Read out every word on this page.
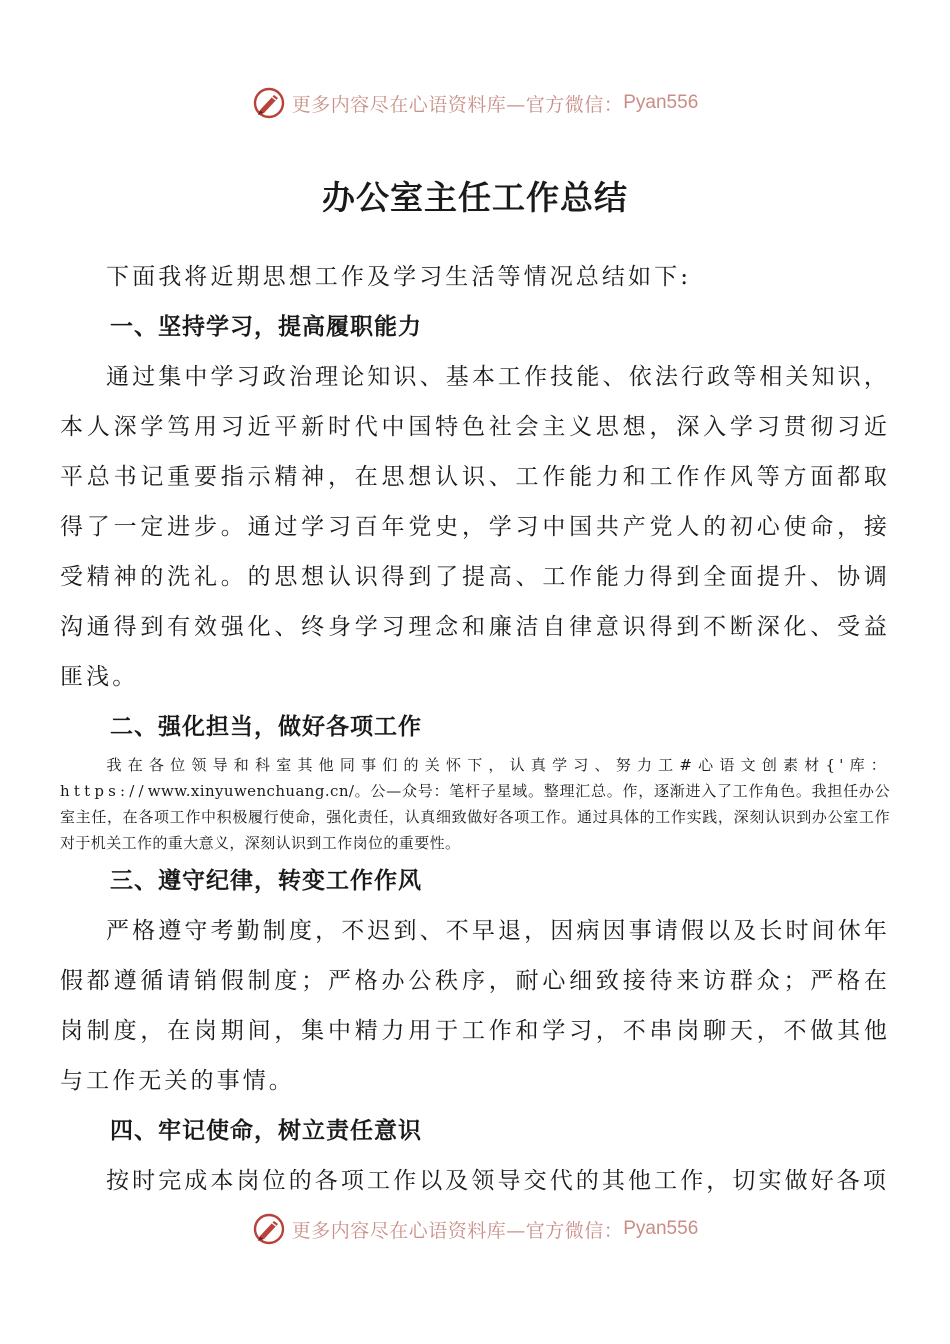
更多内容尽在心语资料库—官方微信： Pyan556
办公室主任工作总结

下面我将近期思想工作及学习生活等情况总结如下:

一、坚持学习，提高履职能力

通过集中学习政治理论知识、基本工作技能、依法行政等相关知识，本人深学笃用习近平新时代中国特色社会主义思想，深入学习贯彻习近平总书记重要指示精神，在思想认识、工作能力和工作作风等方面都取得了一定进步。通过学习百年党史，学习中国共产党人的初心使命，接受精神的洗礼。的思想认识得到了提高、工作能力得到全面提升、协调沟通得到有效强化、终身学习理念和廉洁自律意识得到不断深化、受益匪浅。

二、强化担当，做好各项工作

我在各位领导和科室其他同事们的关怀下，认真学习、努力工#心语文创素材{'库：https://www.xinyuwenchuang.cn/。公—众号：笔杆子星域。整理汇总。作，逐渐进入了工作角色。我担任办公室主任，在各项工作中积极履行使命，强化责任，认真细致做好各项工作。通过具体的工作实践，深刻认识到办公室工作对于机关工作的重大意义，深刻认识到工作岗位的重要性。

三、遵守纪律，转变工作作风

严格遵守考勤制度，不迟到、不早退，因病因事请假以及长时间休年假都遵循请销假制度；严格办公秩序，耐心细致接待来访群众；严格在岗制度，在岗期间，集中精力用于工作和学习，不串岗聊天，不做其他与工作无关的事情。

四、牢记使命，树立责任意识

按时完成本岗位的各项工作以及领导交代的其他工作，切实做好各项

更多内容尽在心语资料库—官方微信： Pyan556
